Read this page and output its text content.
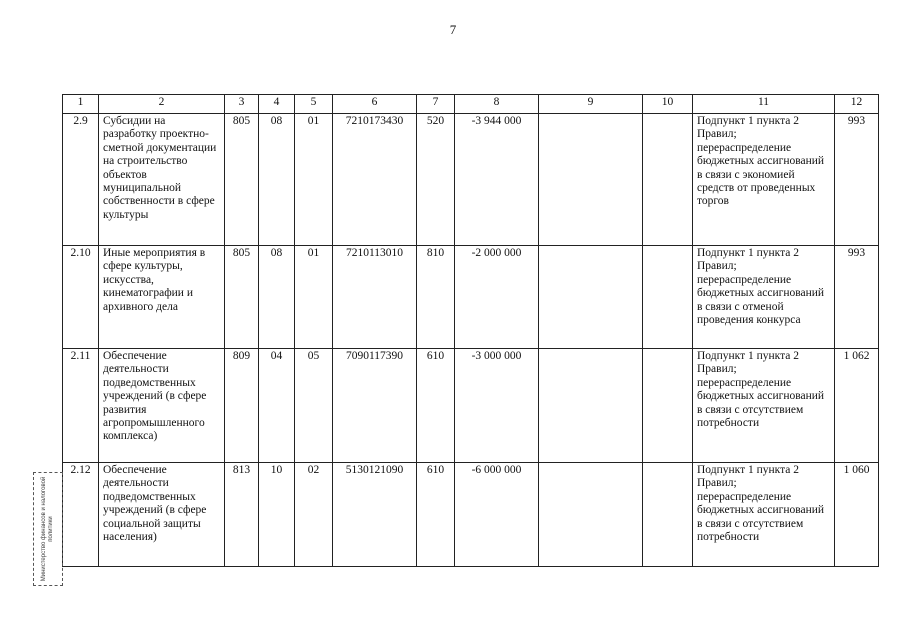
7
1	2	3	4	5	6	7	8	9	10	11	12
2.9	Субсидии на разработку проектно-сметной документации на строительство объектов муниципальной собственности в сфере культуры	805	08	01	7210173430	520	-3 944 000			Подпункт 1 пункта 2 Правил; перераспределение бюджетных ассигнований в связи с экономией средств от проведенных торгов	993
2.10	Иные мероприятия в сфере культуры, искусства, кинематографии и архивного дела	805	08	01	7210113010	810	-2 000 000			Подпункт 1 пункта 2 Правил; перераспределение бюджетных ассигнований в связи с отменой проведения конкурса	993
2.11	Обеспечение деятельности подведомственных учреждений (в сфере развития агропромышленного комплекса)	809	04	05	7090117390	610	-3 000 000			Подпункт 1 пункта 2 Правил; перераспределение бюджетных ассигнований в связи с отсутствием потребности	1 062
2.12	Обеспечение деятельности подведомственных учреждений (в сфере социальной защиты населения)	813	10	02	5130121090	610	-6 000 000			Подпункт 1 пункта 2 Правил; перераспределение бюджетных ассигнований в связи с отсутствием потребности	1 060
Министерство финансов и налоговой политики
